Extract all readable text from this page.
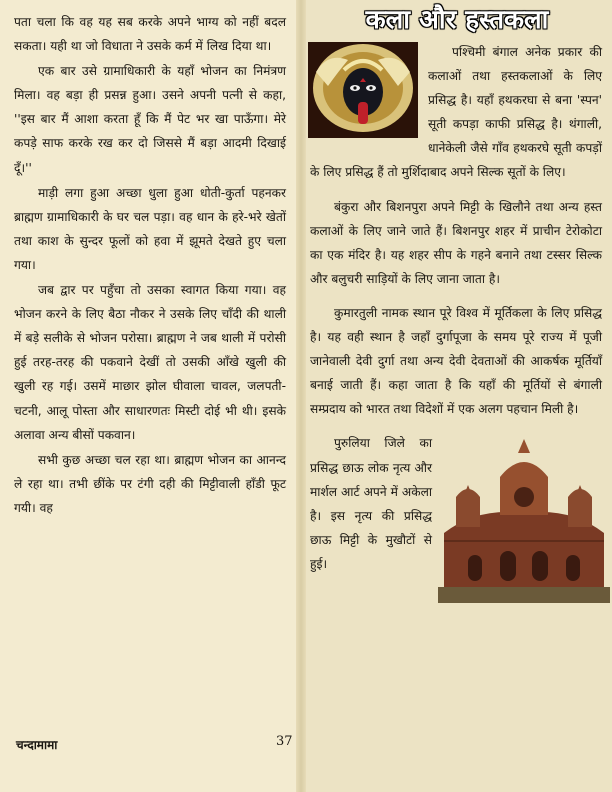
पता चला कि वह यह सब करके अपने भाग्य को नहीं बदल सकता। यही था जो विधाता ने उसके कर्म में लिख दिया था।

एक बार उसे ग्रामाधिकारी के यहाँ भोजन का निमंत्रण मिला। वह बड़ा ही प्रसन्न हुआ। उसने अपनी पत्नी से कहा, ''इस बार मैं आशा करता हूँ कि मैं पेट भर खा पाऊँगा। मेरे कपड़े साफ करके रख कर दो जिससे मैं बड़ा आदमी दिखाई दूँ।''

माड़ी लगा हुआ अच्छा धुला हुआ धोती-कुर्ता पहनकर ब्राह्मण ग्रामाधिकारी के घर चल पड़ा। वह धान के हरे-भरे खेतों तथा काश के सुन्दर फूलों को हवा में झूमते देखते हुए चला गया।

जब द्वार पर पहुँचा तो उसका स्वागत किया गया। वह भोजन करने के लिए बैठा नौकर ने उसके लिए चाँदी की थाली में बड़े सलीके से भोजन परोसा। ब्राह्मण ने जब थाली में परोसी हुई तरह-तरह की पकवाने देखीं तो उसकी आँखे खुली की खुली रह गई। उसमें माछार झोल घीवाला चावल, जलपती-चटनी, आलू पोस्ता और साधारणतः मिस्टी दोई भी थी। इसके अलावा अन्य बीसों पकवान।

सभी कुछ अच्छा चल रहा था। ब्राह्मण भोजन का आनन्द ले रहा था। तभी छींके पर टंगी दही की मिट्टीवाली हाँडी फूट गयी। वह

चन्दामामा	37
कला और हस्तकला

पश्चिमी बंगाल अनेक प्रकार की कलाओं तथा हस्तकलाओं के लिए प्रसिद्ध है। यहाँ हथकरघा से बना 'स्पन' सूती कपड़ा काफी प्रसिद्ध है। थंगाली, धानेकेली जैसे गाँव हथकरघे सूती कपड़ों के लिए प्रसिद्ध हैं तो मुर्शिदाबाद अपने सिल्क सूतों के लिए।

बंकुरा और बिशनपुरा अपने मिट्टी के खिलौने तथा अन्य हस्त कलाओं के लिए जाने जाते हैं। बिशनपुर शहर में प्राचीन टेरोकोटा का एक मंदिर है। यह शहर सीप के गहने बनाने तथा टस्सर सिल्क और बलुचरी साड़ियों के लिए जाना जाता है।

कुमारतुली नामक स्थान पूरे विश्व में मूर्तिकला के लिए प्रसिद्ध है। यह वही स्थान है जहाँ दुर्गापूजा के समय पूरे राज्य में पूजी जानेवाली देवी दुर्गा तथा अन्य देवी देवताओं की आकर्षक मूर्तियाँ बनाई जाती हैं। कहा जाता है कि यहाँ की मूर्तियों से बंगाली सम्प्रदाय को भारत तथा विदेशों में एक अलग पहचान मिली है।

पुरुलिया जिले का प्रसिद्ध छाऊ लोक नृत्य और मार्शल आर्ट अपने में अकेला है। इस नृत्य की प्रसिद्ध छाऊ मिट्टी के मुखौटों से हुई।
